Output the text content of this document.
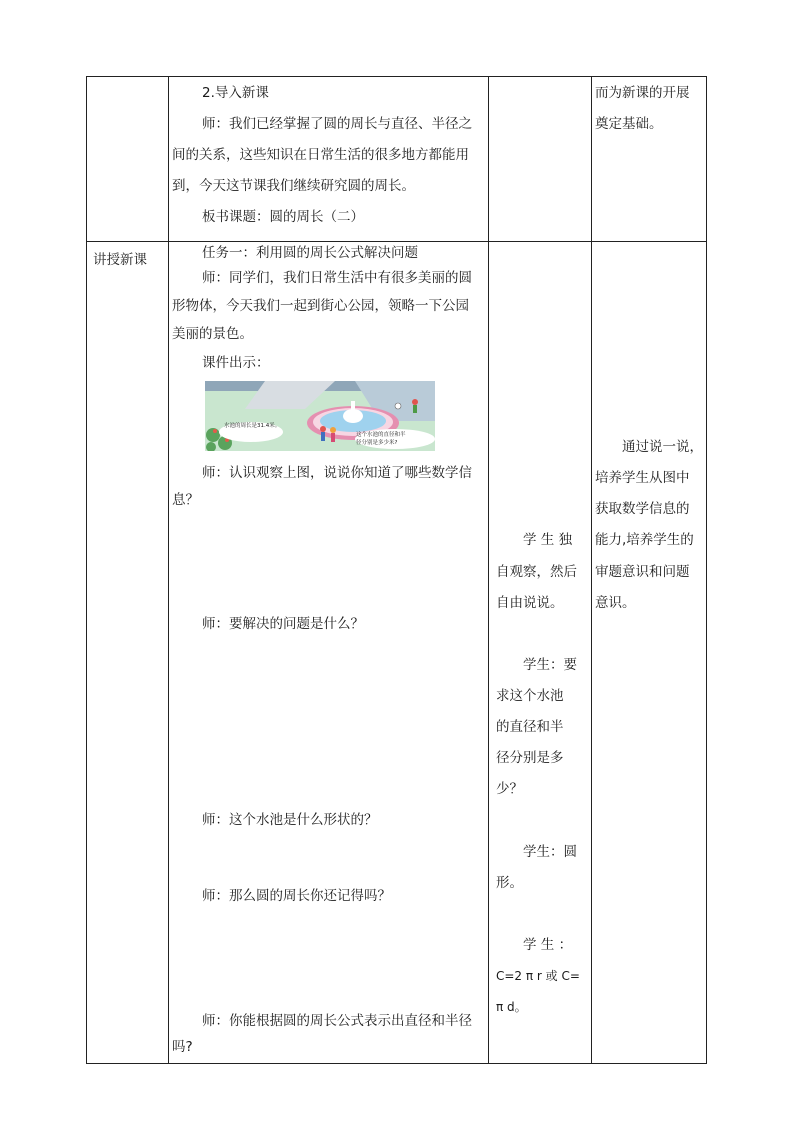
2.导入新课
师：我们已经掌握了圆的周长与直径、半径之
间的关系，这些知识在日常生活的很多地方都能用
到，今天这节课我们继续研究圆的周长。
板书课题：圆的周长（二）
而为新课的开展
奠定基础。
讲授新课	任务一：利用圆的周长公式解决问题
师：同学们，我们日常生活中有很多美丽的圆
形物体，今天我们一起到街心公园，领略一下公园
美丽的景色。
课件出示：
水池的周长是31.4米。
这个水池的直径和半
径分别是多少米?
师：认识观察上图，说说你知道了哪些数学信
息？
师：要解决的问题是什么？
师：这个水池是什么形状的？
师：那么圆的周长你还记得吗？
师：你能根据圆的周长公式表示出直径和半径
吗?
学 生 独
自观察，然后
自由说说。
学生：要
求这个水池
的直径和半
径分别是多
少？
学生：圆
形。
学 生 ：
C=2 π r 或 C=
π d。
通过说一说，
培养学生从图中
获取数学信息的
能力,培养学生的
审题意识和问题
意识。
